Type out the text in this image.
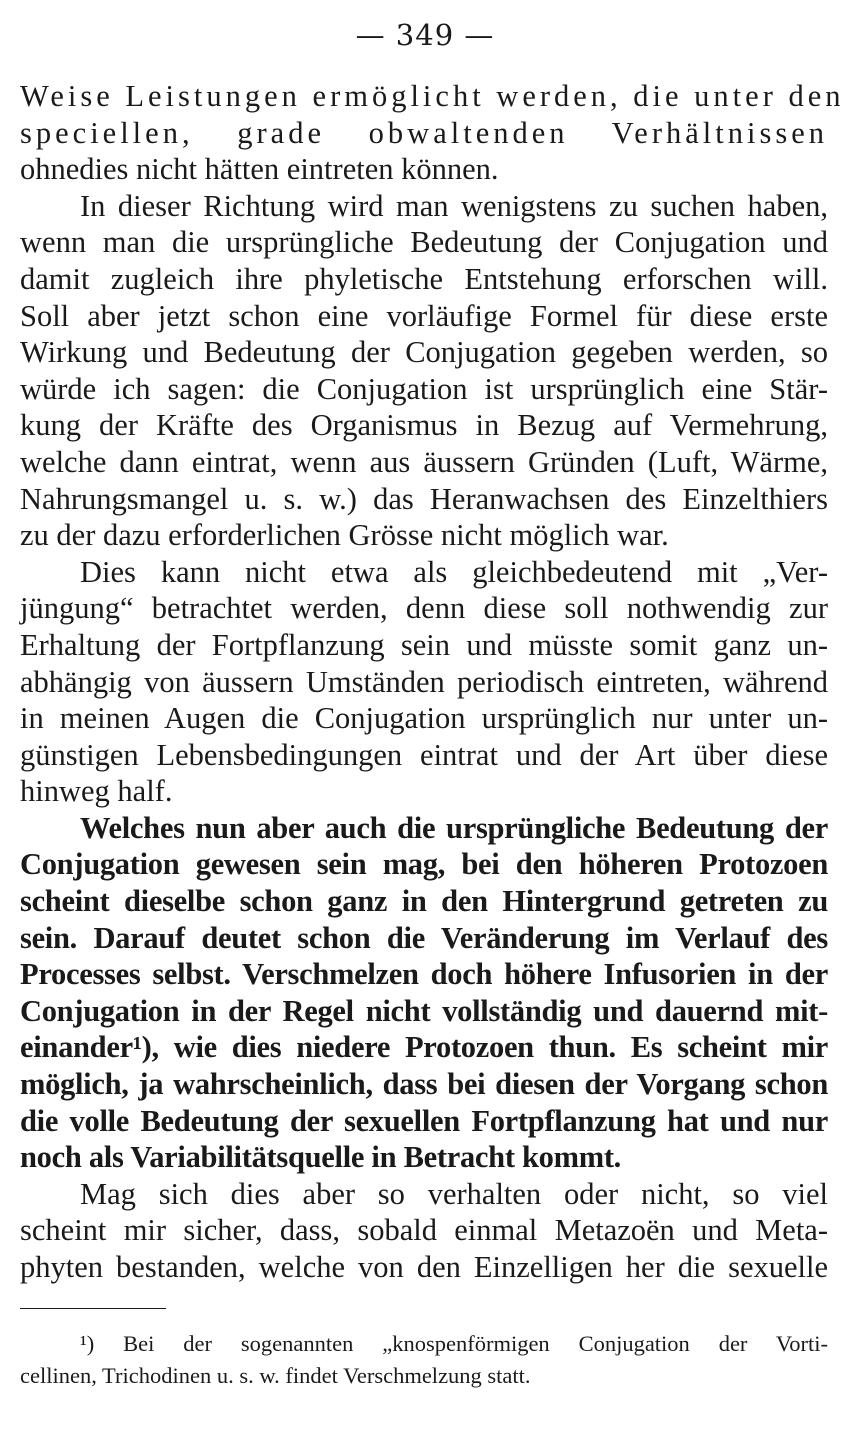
— 349 —
Weise Leistungen ermöglicht werden, die unter den
speciellen, grade obwaltenden Verhältnissen
ohnedies nicht hätten eintreten können.
In dieser Richtung wird man wenigstens zu suchen haben,
wenn man die ursprüngliche Bedeutung der Conjugation und
damit zugleich ihre phyletische Entstehung erforschen will.
Soll aber jetzt schon eine vorläufige Formel für diese erste
Wirkung und Bedeutung der Conjugation gegeben werden, so
würde ich sagen: die Conjugation ist ursprünglich eine Stär-
kung der Kräfte des Organismus in Bezug auf Vermehrung,
welche dann eintrat, wenn aus äussern Gründen (Luft, Wärme,
Nahrungsmangel u. s. w.) das Heranwachsen des Einzelthiers
zu der dazu erforderlichen Grösse nicht möglich war.
Dies kann nicht etwa als gleichbedeutend mit „Ver-
jüngung“ betrachtet werden, denn diese soll nothwendig zur
Erhaltung der Fortpflanzung sein und müsste somit ganz un-
abhängig von äussern Umständen periodisch eintreten, während
in meinen Augen die Conjugation ursprünglich nur unter un-
günstigen Lebensbedingungen eintrat und der Art über diese
hinweg half.
Welches nun aber auch die ursprüngliche Bedeutung der
Conjugation gewesen sein mag, bei den höheren Protozoen
scheint dieselbe schon ganz in den Hintergrund getreten zu
sein. Darauf deutet schon die Veränderung im Verlauf des
Processes selbst. Verschmelzen doch höhere Infusorien in der
Conjugation in der Regel nicht vollständig und dauernd mit-
einander¹), wie dies niedere Protozoen thun. Es scheint mir
möglich, ja wahrscheinlich, dass bei diesen der Vorgang schon
die volle Bedeutung der sexuellen Fortpflanzung hat und nur
noch als Variabilitätsquelle in Betracht kommt.
Mag sich dies aber so verhalten oder nicht, so viel
scheint mir sicher, dass, sobald einmal Metazoën und Meta-
phyten bestanden, welche von den Einzelligen her die sexuelle
¹) Bei der sogenannten „knospenförmigen Conjugation der Vorti-
cellinen, Trichodinen u. s. w. findet Verschmelzung statt.
